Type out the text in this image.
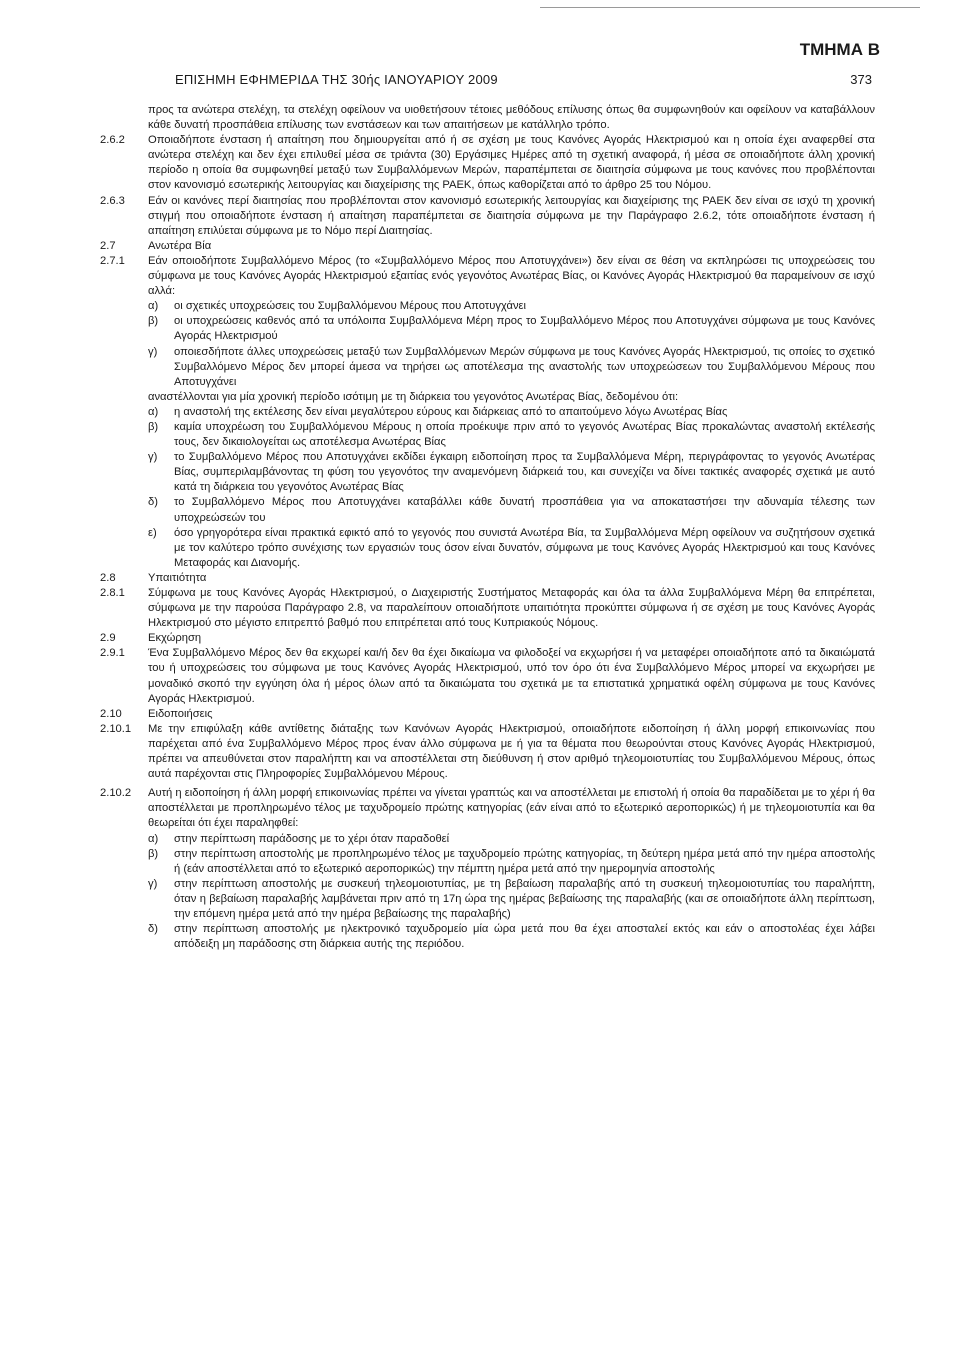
ΤΜΗΜΑ Β
ΕΠΙΣΗΜΗ ΕΦΗΜΕΡΙΔΑ ΤΗΣ 30ής ΙΑΝΟΥΑΡΙΟΥ 2009	373

προς τα ανώτερα στελέχη, τα στελέχη οφείλουν να υιοθετήσουν τέτοιες μεθόδους επίλυσης όπως θα συμφωνηθούν και οφείλουν να καταβάλλουν κάθε δυνατή προσπάθεια επίλυσης των ενστάσεων και των απαιτήσεων με κατάλληλο τρόπο.

2.6.2	Οποιαδήποτε ένσταση ή απαίτηση που δημιουργείται από ή σε σχέση με τους Κανόνες Αγοράς Ηλεκτρισμού και η οποία έχει αναφερθεί στα ανώτερα στελέχη και δεν έχει επιλυθεί μέσα σε τριάντα (30) Εργάσιμες Ημέρες από τη σχετική αναφορά, ή μέσα σε οποιαδήποτε άλλη χρονική περίοδο η οποία θα συμφωνηθεί μεταξύ των Συμβαλλόμενων Μερών, παραπέμπεται σε διαιτησία σύμφωνα με τους κανόνες που προβλέπονται στον κανονισμό εσωτερικής λειτουργίας και διαχείρισης της ΡΑΕΚ, όπως καθορίζεται από το άρθρο 25 του Νόμου.
2.6.3	Εάν οι κανόνες περί διαιτησίας που προβλέπονται στον κανονισμό εσωτερικής λειτουργίας και διαχείρισης της ΡΑΕΚ δεν είναι σε ισχύ τη χρονική στιγμή που οποιαδήποτε ένσταση ή απαίτηση παραπέμπεται σε διαιτησία σύμφωνα με την Παράγραφο 2.6.2, τότε οποιαδήποτε ένσταση ή απαίτηση επιλύεται σύμφωνα με το Νόμο περί Διαιτησίας.
2.7	Ανωτέρα Βία
2.7.1	Εάν οποιοδήποτε Συμβαλλόμενο Μέρος (το «Συμβαλλόμενο Μέρος που Αποτυγχάνει») δεν είναι σε θέση να εκπληρώσει τις υποχρεώσεις του σύμφωνα με τους Κανόνες Αγοράς Ηλεκτρισμού εξαιτίας ενός γεγονότος Ανωτέρας Βίας, οι Κανόνες Αγοράς Ηλεκτρισμού θα παραμείνουν σε ισχύ αλλά:
α)	οι σχετικές υποχρεώσεις του Συμβαλλόμενου Μέρους που Αποτυγχάνει
β)	οι υποχρεώσεις καθενός από τα υπόλοιπα Συμβαλλόμενα Μέρη προς το Συμβαλλόμενο Μέρος που Αποτυγχάνει σύμφωνα με τους Κανόνες Αγοράς Ηλεκτρισμού
γ)	οποιεσδήποτε άλλες υποχρεώσεις μεταξύ των Συμβαλλόμενων Μερών σύμφωνα με τους Κανόνες Αγοράς Ηλεκτρισμού, τις οποίες το σχετικό Συμβαλλόμενο Μέρος δεν μπορεί άμεσα να τηρήσει ως αποτέλεσμα της αναστολής των υποχρεώσεων του Συμβαλλόμενου Μέρους που Αποτυγχάνει

αναστέλλονται για μία χρονική περίοδο ισότιμη με τη διάρκεια του γεγονότος Ανωτέρας Βίας, δεδομένου ότι:

α)	η αναστολή της εκτέλεσης δεν είναι μεγαλύτερου εύρους και διάρκειας από το απαιτούμενο λόγω Ανωτέρας Βίας
β)	καμία υποχρέωση του Συμβαλλόμενου Μέρους η οποία προέκυψε πριν από το γεγονός Ανωτέρας Βίας προκαλώντας αναστολή εκτέλεσής τους, δεν δικαιολογείται ως αποτέλεσμα Ανωτέρας Βίας
γ)	το Συμβαλλόμενο Μέρος που Αποτυγχάνει εκδίδει έγκαιρη ειδοποίηση προς τα Συμβαλλόμενα Μέρη, περιγράφοντας το γεγονός Ανωτέρας Βίας, συμπεριλαμβάνοντας τη φύση του γεγονότος την αναμενόμενη διάρκειά του, και συνεχίζει να δίνει τακτικές αναφορές σχετικά με αυτό κατά τη διάρκεια του γεγονότος Ανωτέρας Βίας
δ)	το Συμβαλλόμενο Μέρος που Αποτυγχάνει καταβάλλει κάθε δυνατή προσπάθεια για να αποκαταστήσει την αδυναμία τέλεσης των υποχρεώσεών του
ε)	όσο γρηγορότερα είναι πρακτικά εφικτό από το γεγονός που συνιστά Ανωτέρα Βία, τα Συμβαλλόμενα Μέρη οφείλουν να συζητήσουν σχετικά με τον καλύτερο τρόπο συνέχισης των εργασιών τους όσον είναι δυνατόν, σύμφωνα με τους Κανόνες Αγοράς Ηλεκτρισμού και τους Κανόνες Μεταφοράς και Διανομής.
2.8	Υπαιτιότητα
2.8.1	Σύμφωνα με τους Κανόνες Αγοράς Ηλεκτρισμού, ο Διαχειριστής Συστήματος Μεταφοράς και όλα τα άλλα Συμβαλλόμενα Μέρη θα επιτρέπεται, σύμφωνα με την παρούσα Παράγραφο 2.8, να παραλείπουν οποιαδήποτε υπαιτιότητα προκύπτει σύμφωνα ή σε σχέση με τους Κανόνες Αγοράς Ηλεκτρισμού στο μέγιστο επιτρεπτό βαθμό που επιτρέπεται από τους Κυπριακούς Νόμους.
2.9	Εκχώρηση
2.9.1	Ένα Συμβαλλόμενο Μέρος δεν θα εκχωρεί και/ή δεν θα έχει δικαίωμα να φιλοδοξεί να εκχωρήσει ή να μεταφέρει οποιαδήποτε από τα δικαιώματά του ή υποχρεώσεις του σύμφωνα με τους Κανόνες Αγοράς Ηλεκτρισμού, υπό τον όρο ότι ένα Συμβαλλόμενο Μέρος μπορεί να εκχωρήσει με μοναδικό σκοπό την εγγύηση όλα ή μέρος όλων από τα δικαιώματα του σχετικά με τα επιστατικά χρηματικά οφέλη σύμφωνα με τους Κανόνες Αγοράς Ηλεκτρισμού.
2.10	Ειδοποιήσεις
2.10.1	Με την επιφύλαξη κάθε αντίθετης διάταξης των Κανόνων Αγοράς Ηλεκτρισμού, οποιαδήποτε ειδοποίηση ή άλλη μορφή επικοινωνίας που παρέχεται από ένα Συμβαλλόμενο Μέρος προς έναν άλλο σύμφωνα με ή για τα θέματα που θεωρούνται στους Κανόνες Αγοράς Ηλεκτρισμού, πρέπει να απευθύνεται στον παραλήπτη και να αποστέλλεται στη διεύθυνση ή στον αριθμό τηλεομοιοτυπίας του Συμβαλλόμενου Μέρους, όπως αυτά παρέχονται στις Πληροφορίες Συμβαλλόμενου Μέρους.
2.10.2	Αυτή η ειδοποίηση ή άλλη μορφή επικοινωνίας πρέπει να γίνεται γραπτώς και να αποστέλλεται με επιστολή ή οποία θα παραδίδεται με το χέρι ή θα αποστέλλεται με προπληρωμένο τέλος με ταχυδρομείο πρώτης κατηγορίας (εάν είναι από το εξωτερικό αεροπορικώς) ή με τηλεομοιοτυπία και θα θεωρείται ότι έχει παραληφθεί:
α)	στην περίπτωση παράδοσης με το χέρι όταν παραδοθεί
β)	στην περίπτωση αποστολής με προπληρωμένο τέλος με ταχυδρομείο πρώτης κατηγορίας, τη δεύτερη ημέρα μετά από την ημέρα αποστολής ή (εάν αποστέλλεται από το εξωτερικό αεροπορικώς) την πέμπτη ημέρα μετά από την ημερομηνία αποστολής
γ)	στην περίπτωση αποστολής με συσκευή τηλεομοιοτυπίας, με τη βεβαίωση παραλαβής από τη συσκευή τηλεομοιοτυπίας του παραλήπτη, όταν η βεβαίωση παραλαβής λαμβάνεται πριν από τη 17η ώρα της ημέρας βεβαίωσης της παραλαβής (και σε οποιαδήποτε άλλη περίπτωση, την επόμενη ημέρα μετά από την ημέρα βεβαίωσης της παραλαβής)
δ)	στην περίπτωση αποστολής με ηλεκτρονικό ταχυδρομείο μία ώρα μετά που θα έχει αποσταλεί εκτός και εάν ο αποστολέας έχει λάβει απόδειξη μη παράδοσης στη διάρκεια αυτής της περιόδου.
